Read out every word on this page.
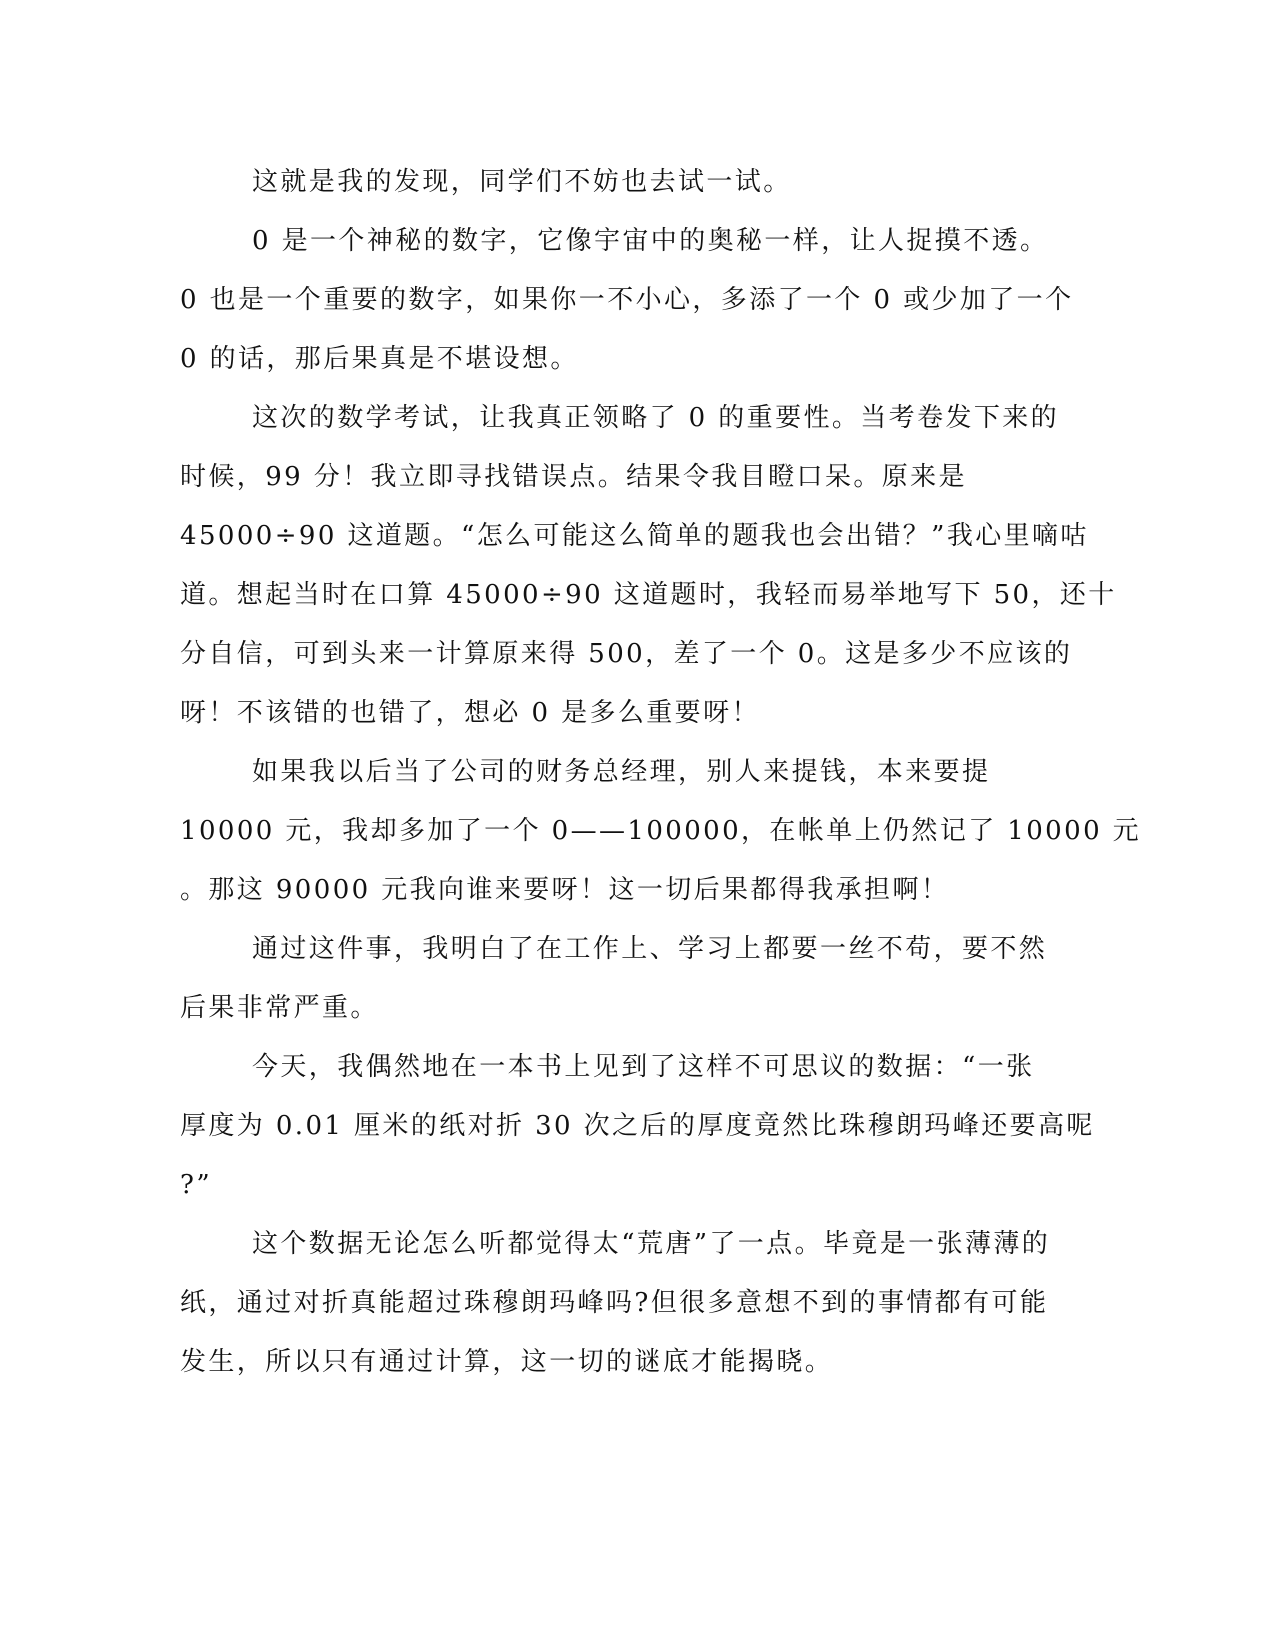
这就是我的发现，同学们不妨也去试一试。
0 是一个神秘的数字，它像宇宙中的奥秘一样，让人捉摸不透。
0 也是一个重要的数字，如果你一不小心，多添了一个 0 或少加了一个
0 的话，那后果真是不堪设想。
这次的数学考试，让我真正领略了 0 的重要性。当考卷发下来的
时候，99 分！我立即寻找错误点。结果令我目瞪口呆。原来是
45000÷90 这道题。“怎么可能这么简单的题我也会出错？”我心里嘀咕
道。想起当时在口算 45000÷90 这道题时，我轻而易举地写下 50，还十
分自信，可到头来一计算原来得 500，差了一个 0。这是多少不应该的
呀！不该错的也错了，想必 0 是多么重要呀！
如果我以后当了公司的财务总经理，别人来提钱，本来要提
10000 元，我却多加了一个 0——100000，在帐单上仍然记了 10000 元
。那这 90000 元我向谁来要呀！这一切后果都得我承担啊！
通过这件事，我明白了在工作上、学习上都要一丝不苟，要不然
后果非常严重。
今天，我偶然地在一本书上见到了这样不可思议的数据：“一张
厚度为 0.01 厘米的纸对折 30 次之后的厚度竟然比珠穆朗玛峰还要高呢
?”
这个数据无论怎么听都觉得太“荒唐”了一点。毕竟是一张薄薄的
纸，通过对折真能超过珠穆朗玛峰吗?但很多意想不到的事情都有可能
发生，所以只有通过计算，这一切的谜底才能揭晓。
